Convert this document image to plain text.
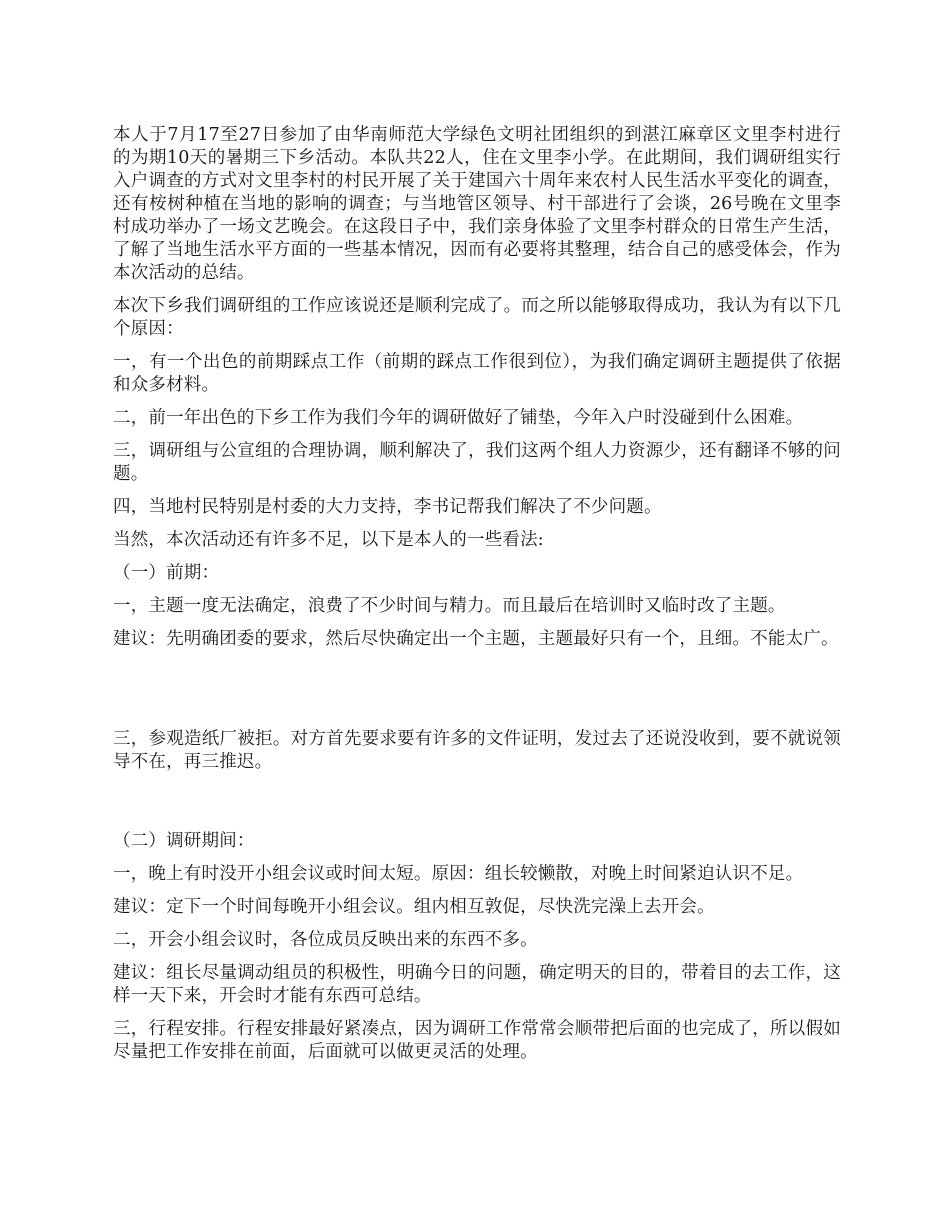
本人于7月17至27日参加了由华南师范大学绿色文明社团组织的到湛江麻章区文里李村进行的为期10天的暑期三下乡活动。本队共22人，住在文里李小学。在此期间，我们调研组实行入户调查的方式对文里李村的村民开展了关于建国六十周年来农村人民生活水平变化的调查，还有桉树种植在当地的影响的调查；与当地管区领导、村干部进行了会谈，26号晚在文里李村成功举办了一场文艺晚会。在这段日子中，我们亲身体验了文里李村群众的日常生产生活，了解了当地生活水平方面的一些基本情况，因而有必要将其整理，结合自己的感受体会，作为本次活动的总结。

本次下乡我们调研组的工作应该说还是顺利完成了。而之所以能够取得成功，我认为有以下几个原因：

一，有一个出色的前期踩点工作（前期的踩点工作很到位），为我们确定调研主题提供了依据和众多材料。

二，前一年出色的下乡工作为我们今年的调研做好了铺垫，今年入户时没碰到什么困难。

三，调研组与公宣组的合理协调，顺利解决了，我们这两个组人力资源少，还有翻译不够的问题。

四，当地村民特别是村委的大力支持，李书记帮我们解决了不少问题。

当然，本次活动还有许多不足，以下是本人的一些看法:

（一）前期：

一，主题一度无法确定，浪费了不少时间与精力。而且最后在培训时又临时改了主题。

建议：先明确团委的要求，然后尽快确定出一个主题，主题最好只有一个，且细。不能太广。

三，参观造纸厂被拒。对方首先要求要有许多的文件证明，发过去了还说没收到，要不就说领导不在，再三推迟。

（二）调研期间：

一，晚上有时没开小组会议或时间太短。原因：组长较懒散，对晚上时间紧迫认识不足。

建议：定下一个时间每晚开小组会议。组内相互敦促，尽快洗完澡上去开会。

二，开会小组会议时，各位成员反映出来的东西不多。

建议：组长尽量调动组员的积极性，明确今日的问题，确定明天的目的，带着目的去工作，这样一天下来，开会时才能有东西可总结。

三，行程安排。行程安排最好紧凑点，因为调研工作常常会顺带把后面的也完成了，所以假如尽量把工作安排在前面，后面就可以做更灵活的处理。
